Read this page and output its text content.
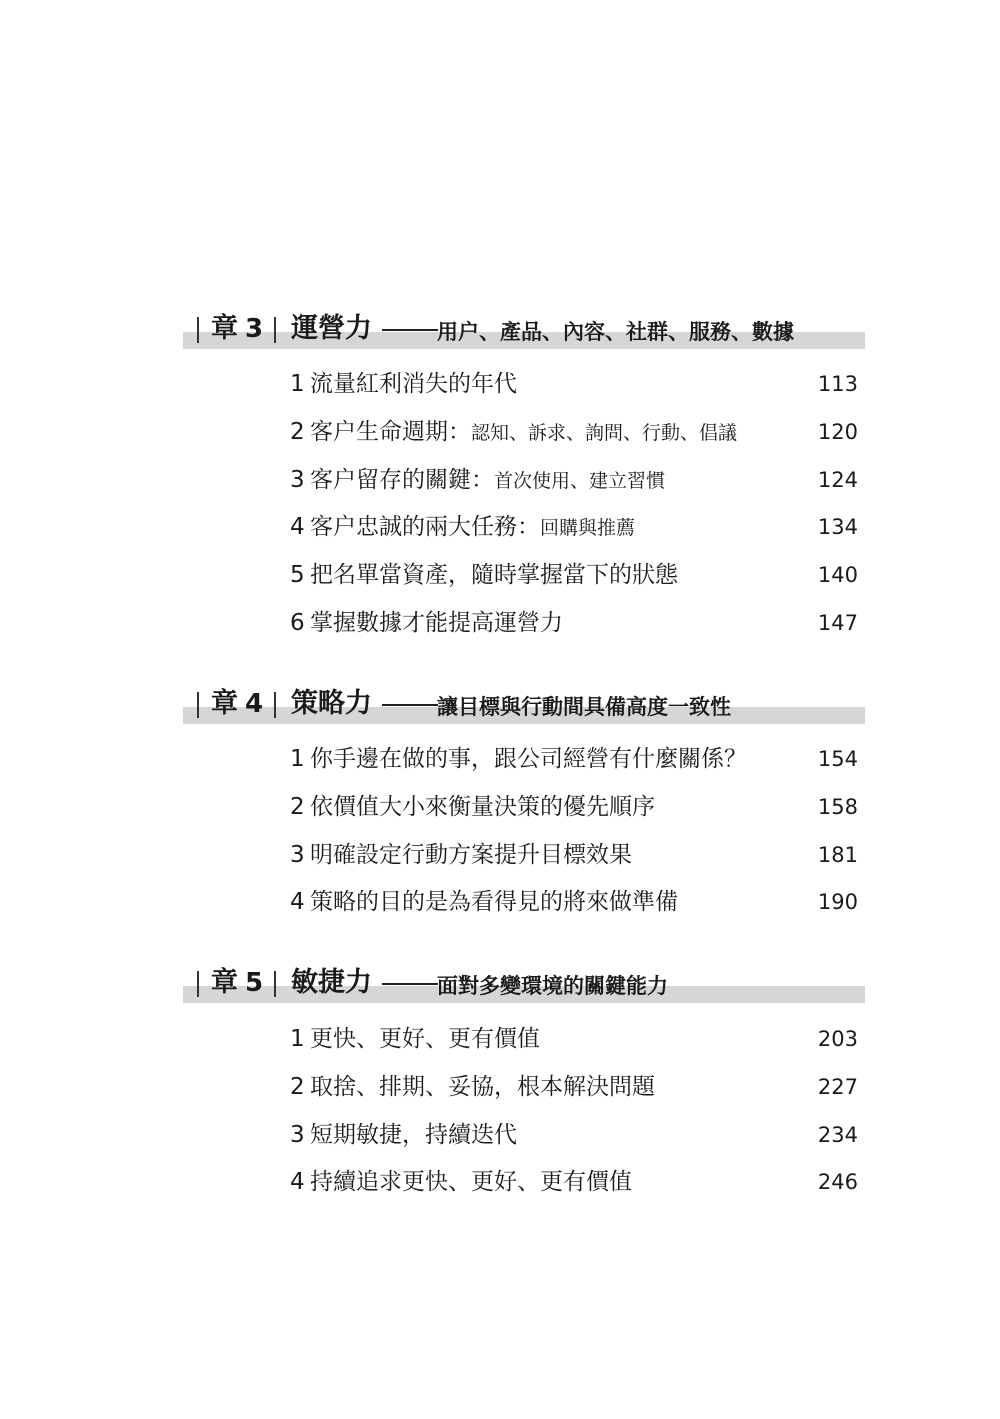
章 3 運營力	用户、產品、內容、社群、服務、數據
1 流量紅利消失的年代	113
2 客户生命週期：認知、訴求、詢問、行動、倡議	120
3 客户留存的關鍵：首次使用、建立習慣	124
4 客户忠誠的兩大任務：回購與推薦	134
5 把名單當資產，隨時掌握當下的狀態	140
6 掌握數據才能提高運營力	147
章 4 策略力	讓目標與行動間具備高度一致性
1 你手邊在做的事，跟公司經營有什麼關係？	154
2 依價值大小來衡量決策的優先順序	158
3 明確設定行動方案提升目標效果	181
4 策略的目的是為看得見的將來做準備	190
章 5 敏捷力	面對多變環境的關鍵能力
1 更快、更好、更有價值	203
2 取捨、排期、妥協，根本解決問題	227
3 短期敏捷，持續迭代	234
4 持續追求更快、更好、更有價值	246
